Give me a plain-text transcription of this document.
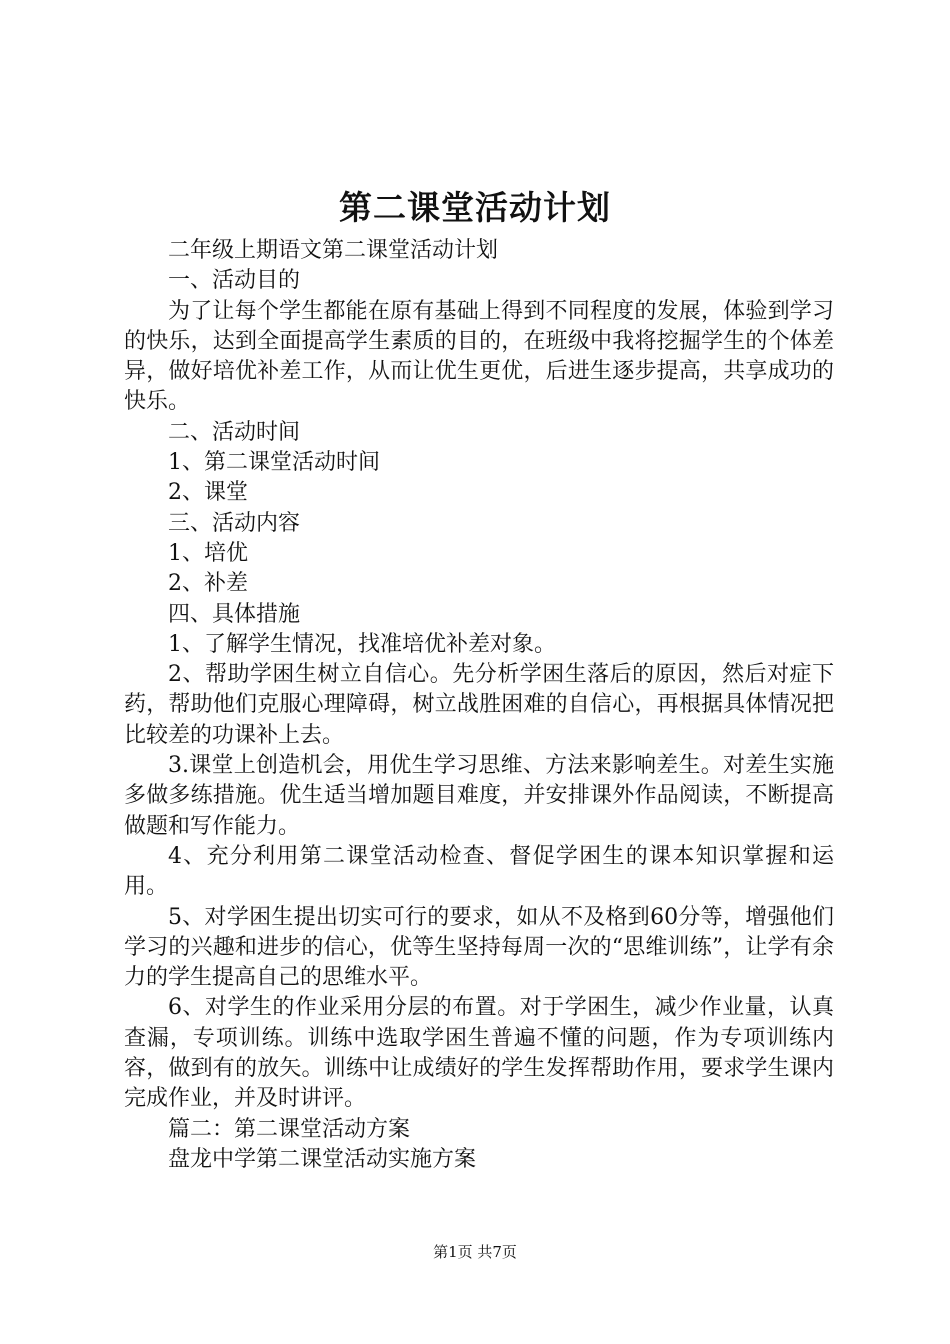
第二课堂活动计划

二年级上期语文第二课堂活动计划

一、活动目的

为了让每个学生都能在原有基础上得到不同程度的发展，体验到学习的快乐，达到全面提高学生素质的目的，在班级中我将挖掘学生的个体差异，做好培优补差工作，从而让优生更优，后进生逐步提高，共享成功的快乐。

二、活动时间

1、第二课堂活动时间

2、课堂

三、活动内容

1、培优

2、补差

四、具体措施

1、了解学生情况，找准培优补差对象。

2、帮助学困生树立自信心。先分析学困生落后的原因，然后对症下药，帮助他们克服心理障碍，树立战胜困难的自信心，再根据具体情况把比较差的功课补上去。

3.课堂上创造机会，用优生学习思维、方法来影响差生。对差生实施多做多练措施。优生适当增加题目难度，并安排课外作品阅读，不断提高做题和写作能力。

4、充分利用第二课堂活动检查、督促学困生的课本知识掌握和运用。

5、对学困生提出切实可行的要求，如从不及格到60分等，增强他们学习的兴趣和进步的信心，优等生坚持每周一次的“思维训练”，让学有余力的学生提高自己的思维水平。

6、对学生的作业采用分层的布置。对于学困生，减少作业量，认真查漏，专项训练。训练中选取学困生普遍不懂的问题，作为专项训练内容，做到有的放矢。训练中让成绩好的学生发挥帮助作用，要求学生课内完成作业，并及时讲评。

篇二：第二课堂活动方案

盘龙中学第二课堂活动实施方案

第1页 共7页
